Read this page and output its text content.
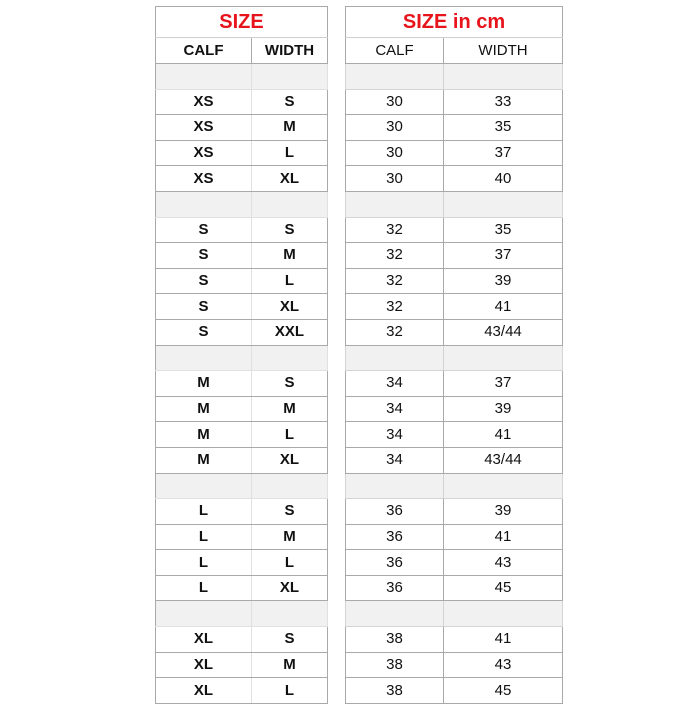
SIZE	
CALF	WIDTH

XS	S
XS	M
XS	L
XS	XL

S	S
S	M
S	L
S	XL
S	XXL

M	S
M	M
M	L
M	XL

L	S
L	M
L	L
L	XL

XL	S
XL	M
XL	L
SIZE in cm	
CALF	WIDTH

30	33
30	35
30	37
30	40

32	35
32	37
32	39
32	41
32	43/44

34	37
34	39
34	41
34	43/44

36	39
36	41
36	43
36	45

38	41
38	43
38	45
